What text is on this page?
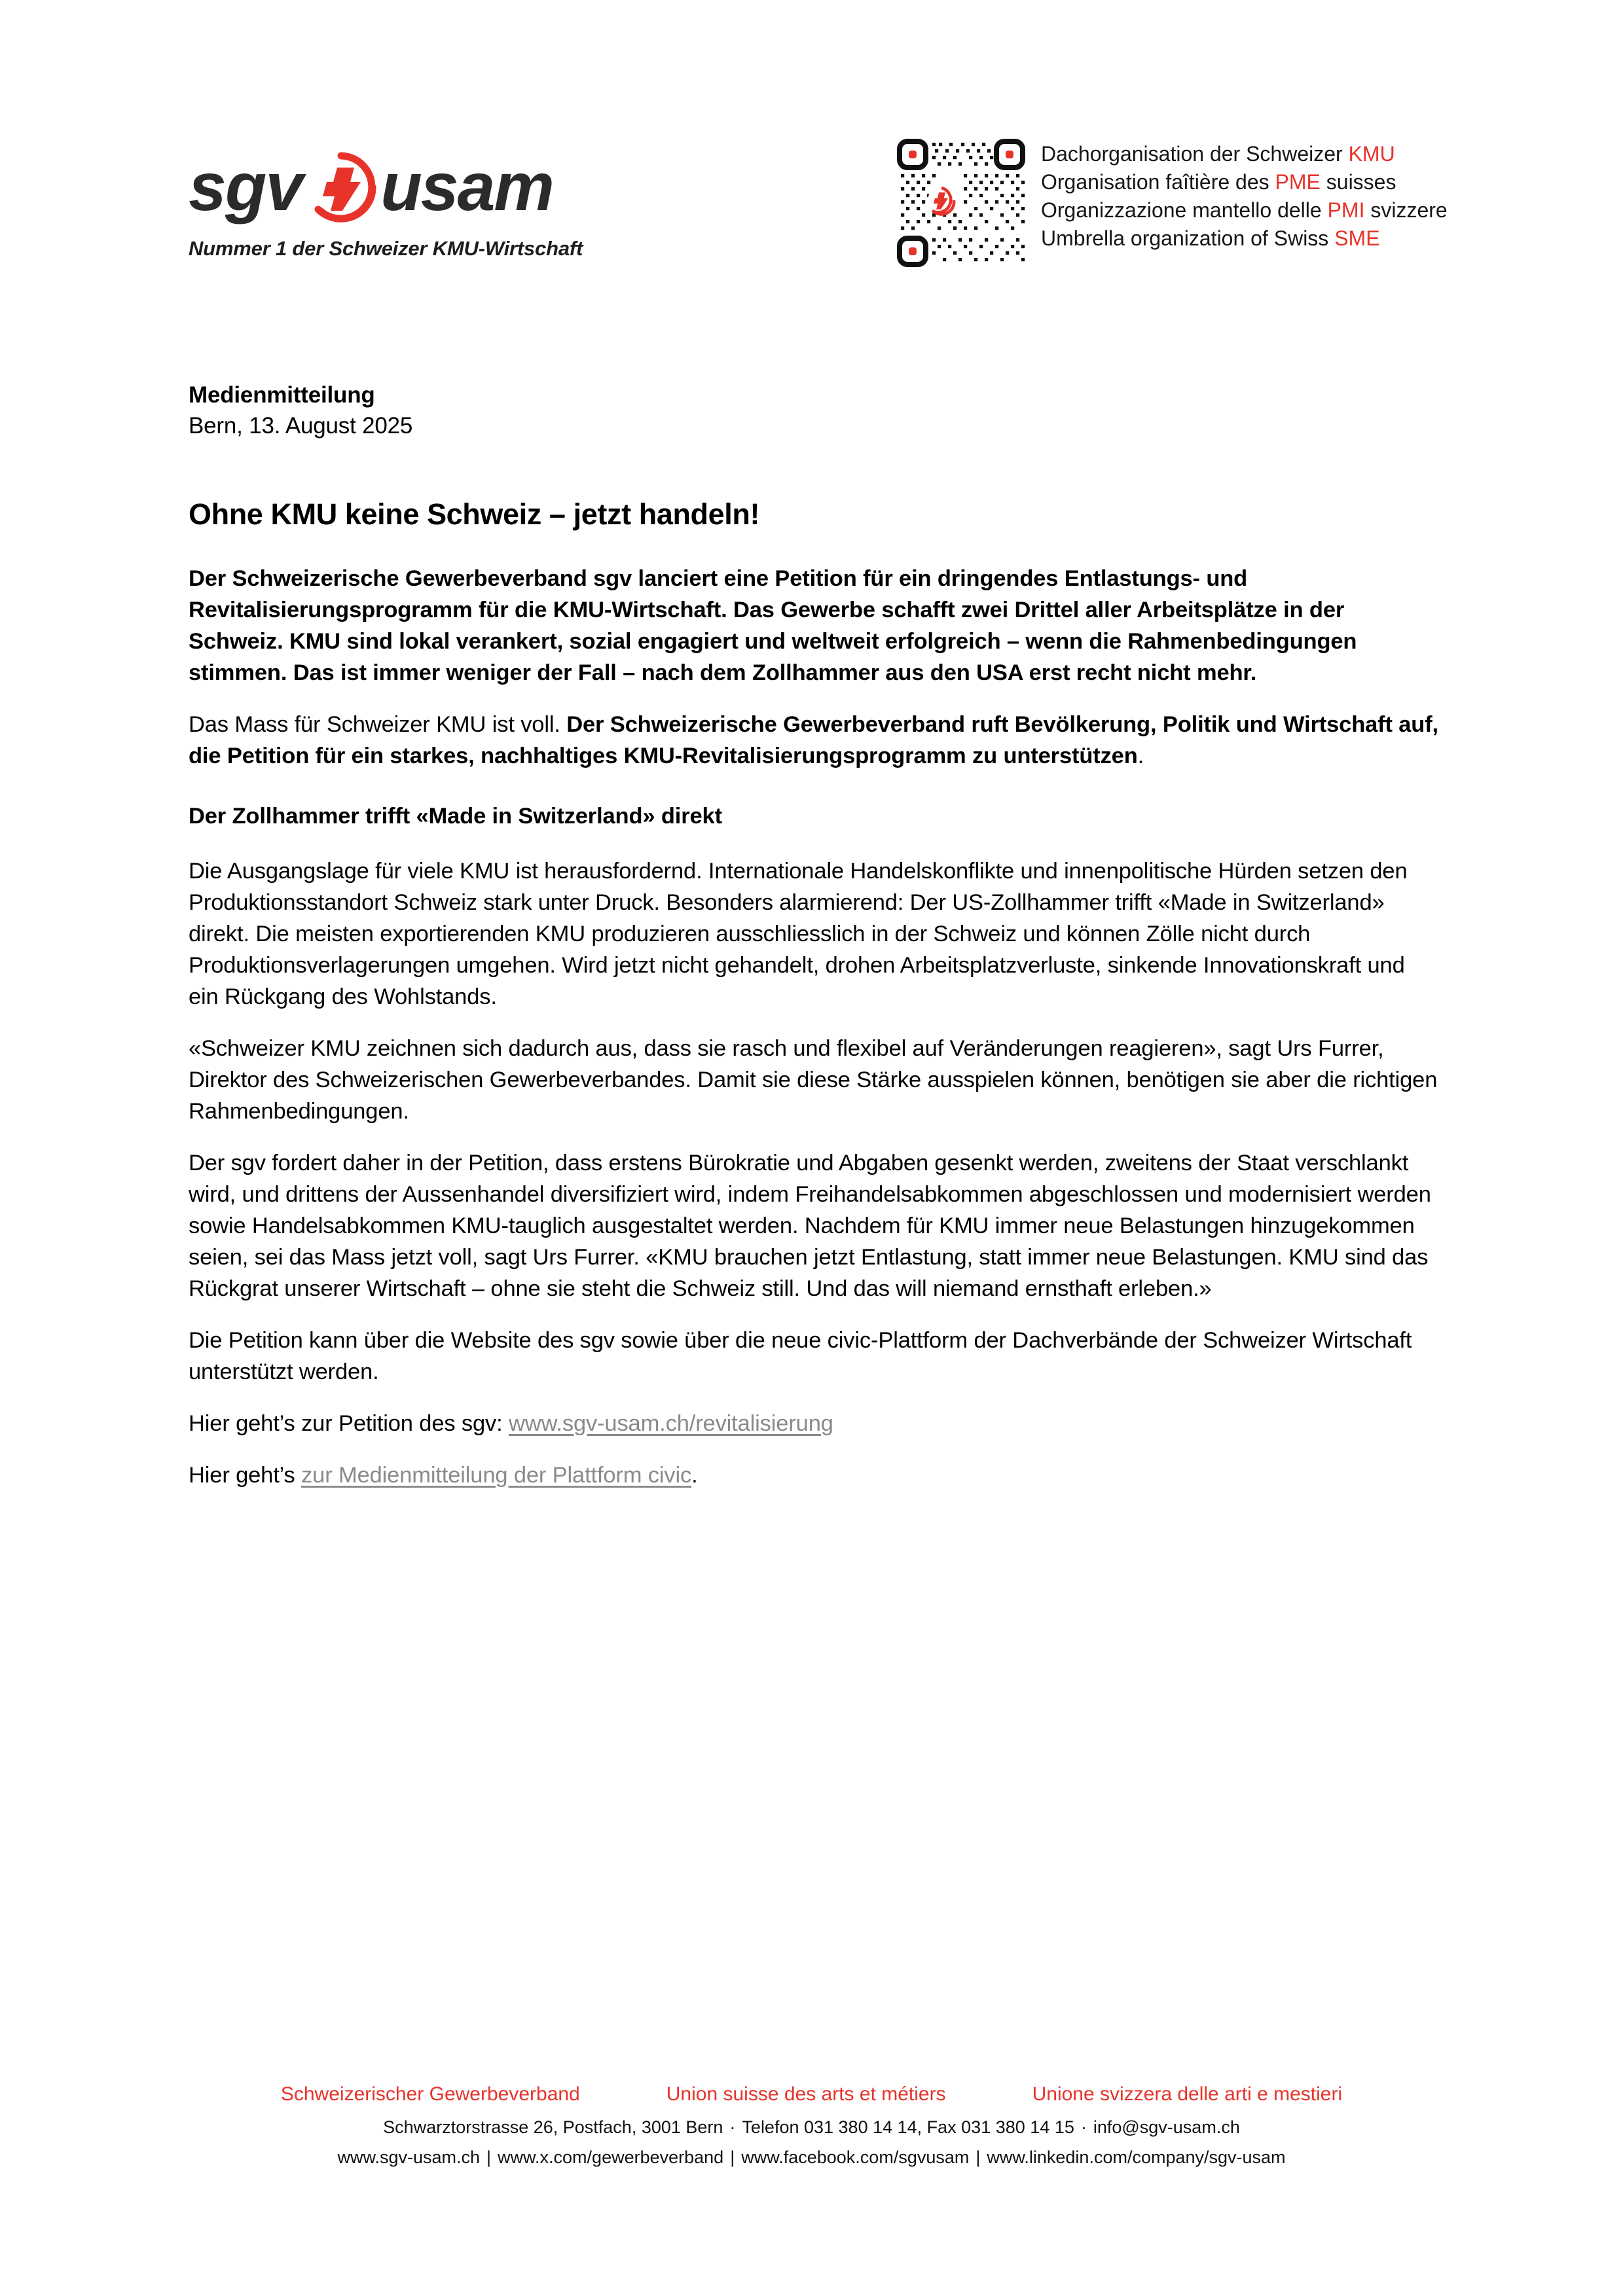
sgv usam
Nummer 1 der Schweizer KMU-Wirtschaft
Dachorganisation der Schweizer KMU
Organisation faîtière des PME suisses
Organizzazione mantello delle PMI svizzere
Umbrella organization of Swiss SME
Medienmitteilung
Bern, 13. August 2025
Ohne KMU keine Schweiz – jetzt handeln!

Der Schweizerische Gewerbeverband sgv lanciert eine Petition für ein dringendes Entlastungs- und Revitalisierungsprogramm für die KMU-Wirtschaft. Das Gewerbe schafft zwei Drittel aller Arbeitsplätze in der Schweiz. KMU sind lokal verankert, sozial engagiert und weltweit erfolgreich – wenn die Rahmenbedingungen stimmen. Das ist immer weniger der Fall – nach dem Zollhammer aus den USA erst recht nicht mehr.

Das Mass für Schweizer KMU ist voll. Der Schweizerische Gewerbeverband ruft Bevölkerung, Politik und Wirtschaft auf, die Petition für ein starkes, nachhaltiges KMU-Revitalisierungsprogramm zu unterstützen.

Der Zollhammer trifft «Made in Switzerland» direkt

Die Ausgangslage für viele KMU ist herausfordernd. Internationale Handelskonflikte und innenpolitische Hürden setzen den Produktionsstandort Schweiz stark unter Druck. Besonders alarmierend: Der US-Zollhammer trifft «Made in Switzerland» direkt. Die meisten exportierenden KMU produzieren ausschliesslich in der Schweiz und können Zölle nicht durch Produktionsverlagerungen umgehen. Wird jetzt nicht gehandelt, drohen Arbeitsplatzverluste, sinkende Innovationskraft und ein Rückgang des Wohlstands.

«Schweizer KMU zeichnen sich dadurch aus, dass sie rasch und flexibel auf Veränderungen reagieren», sagt Urs Furrer, Direktor des Schweizerischen Gewerbeverbandes. Damit sie diese Stärke ausspielen können, benötigen sie aber die richtigen Rahmenbedingungen.

Der sgv fordert daher in der Petition, dass erstens Bürokratie und Abgaben gesenkt werden, zweitens der Staat verschlankt wird, und drittens der Aussenhandel diversifiziert wird, indem Freihandelsabkommen abgeschlossen und modernisiert werden sowie Handelsabkommen KMU-tauglich ausgestaltet werden. Nachdem für KMU immer neue Belastungen hinzugekommen seien, sei das Mass jetzt voll, sagt Urs Furrer. «KMU brauchen jetzt Entlastung, statt immer neue Belastungen. KMU sind das Rückgrat unserer Wirtschaft – ohne sie steht die Schweiz still. Und das will niemand ernsthaft erleben.»

Die Petition kann über die Website des sgv sowie über die neue civic-Plattform der Dachverbände der Schweizer Wirtschaft unterstützt werden.

Hier geht’s zur Petition des sgv: www.sgv-usam.ch/revitalisierung

Hier geht’s zur Medienmitteilung der Plattform civic.

Schweizerischer Gewerbeverband	Union suisse des arts et métiers	Unione svizzera delle arti e mestieri
Schwarztorstrasse 26, Postfach, 3001 Bern · Telefon 031 380 14 14, Fax 031 380 14 15 · info@sgv-usam.ch
www.sgv-usam.ch | www.x.com/gewerbeverband | www.facebook.com/sgvusam | www.linkedin.com/company/sgv-usam
